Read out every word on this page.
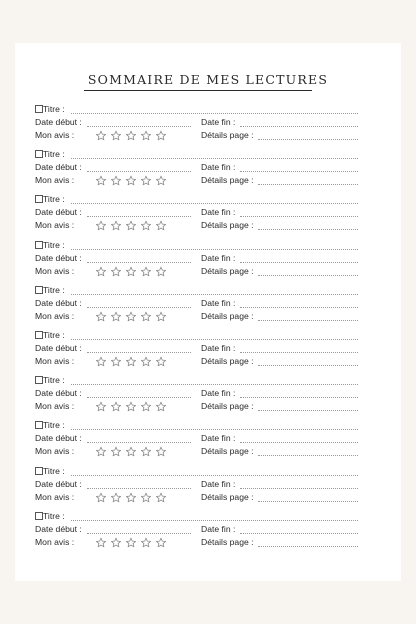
SOMMAIRE DE MES LECTURES
Titre :
Date début :	Date fin :
Mon avis :	Détails page :
Titre :
Date début :	Date fin :
Mon avis :	Détails page :
Titre :
Date début :	Date fin :
Mon avis :	Détails page :
Titre :
Date début :	Date fin :
Mon avis :	Détails page :
Titre :
Date début :	Date fin :
Mon avis :	Détails page :
Titre :
Date début :	Date fin :
Mon avis :	Détails page :
Titre :
Date début :	Date fin :
Mon avis :	Détails page :
Titre :
Date début :	Date fin :
Mon avis :	Détails page :
Titre :
Date début :	Date fin :
Mon avis :	Détails page :
Titre :
Date début :	Date fin :
Mon avis :	Détails page :
